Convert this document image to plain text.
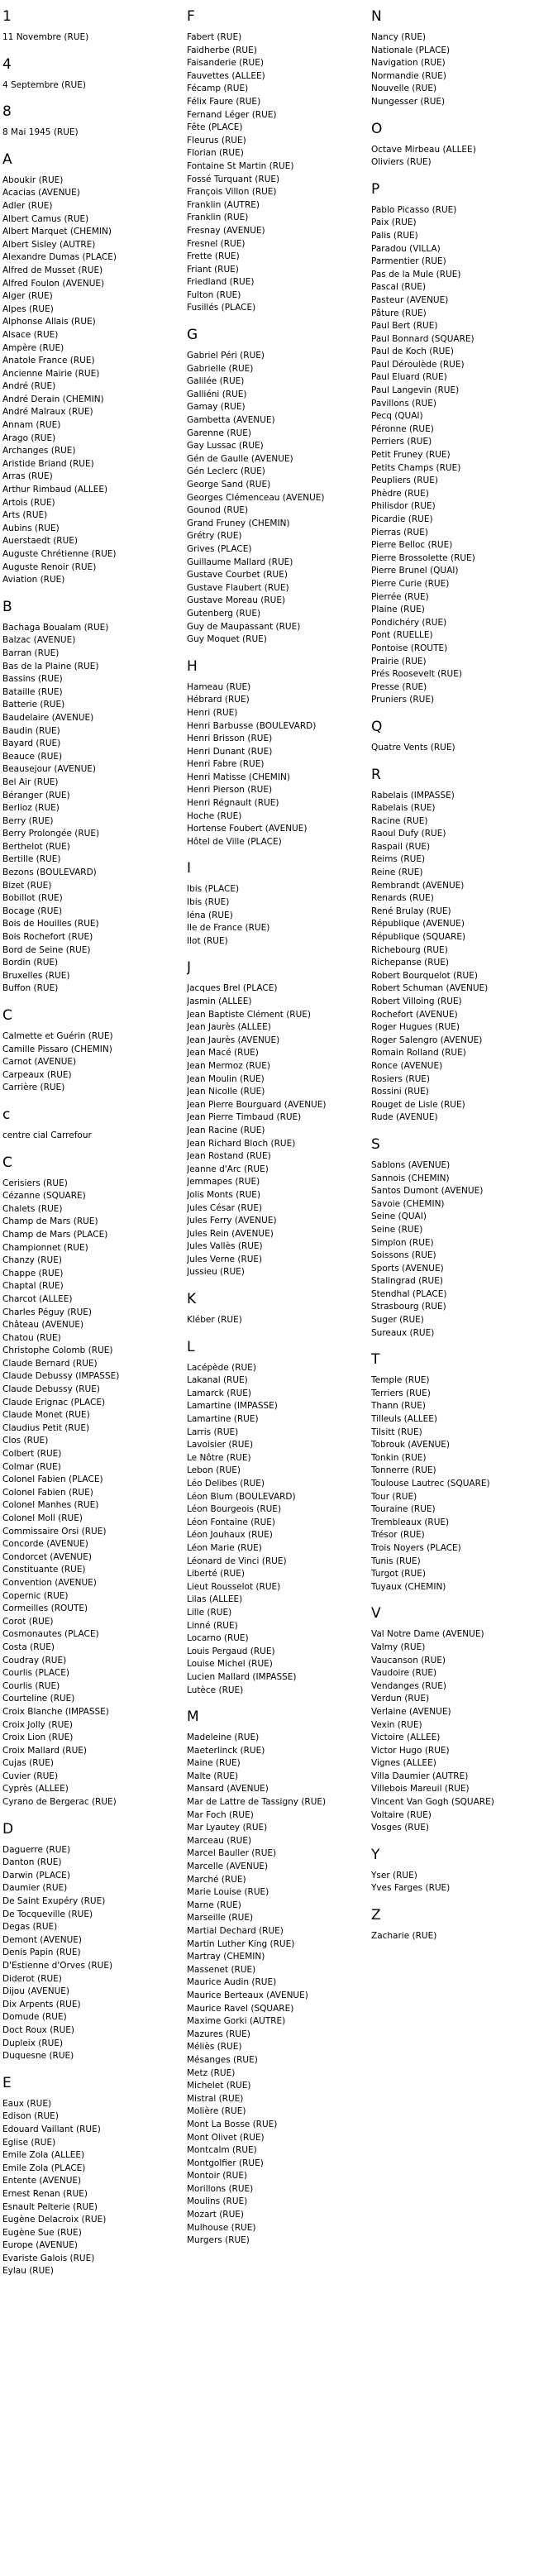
1
11 Novembre (RUE)
4
4 Septembre (RUE)
8
8 Mai 1945 (RUE)
A
Aboukir (RUE)
Acacias (AVENUE)
Adler (RUE)
Albert Camus (RUE)
Albert Marquet (CHEMIN)
Albert Sisley (AUTRE)
Alexandre Dumas (PLACE)
Alfred de Musset (RUE)
Alfred Foulon (AVENUE)
Alger (RUE)
Alpes (RUE)
Alphonse Allais (RUE)
Alsace (RUE)
Ampère (RUE)
Anatole France (RUE)
Ancienne Mairie (RUE)
André (RUE)
André Derain (CHEMIN)
André Malraux (RUE)
Annam (RUE)
Arago (RUE)
Archanges (RUE)
Aristide Briand (RUE)
Arras (RUE)
Arthur Rimbaud (ALLEE)
Artois (RUE)
Arts (RUE)
Aubins (RUE)
Auerstaedt (RUE)
Auguste Chrétienne (RUE)
Auguste Renoir (RUE)
Aviation (RUE)
B
Bachaga Boualam (RUE)
Balzac (AVENUE)
Barran (RUE)
Bas de la Plaine (RUE)
Bassins (RUE)
Bataille (RUE)
Batterie (RUE)
Baudelaire (AVENUE)
Baudin (RUE)
Bayard (RUE)
Beauce (RUE)
Beausejour (AVENUE)
Bel Air (RUE)
Béranger (RUE)
Berlioz (RUE)
Berry (RUE)
Berry Prolongée (RUE)
Berthelot (RUE)
Bertille (RUE)
Bezons (BOULEVARD)
Bizet (RUE)
Bobillot (RUE)
Bocage (RUE)
Bois de Houilles (RUE)
Bois Rochefort (RUE)
Bord de Seine (RUE)
Bordin (RUE)
Bruxelles (RUE)
Buffon (RUE)
C
Calmette et Guérin (RUE)
Camille Pissaro (CHEMIN)
Carnot (AVENUE)
Carpeaux (RUE)
Carrière (RUE)
c
centre cial Carrefour
C
Cerisiers (RUE)
Cézanne (SQUARE)
Chalets (RUE)
Champ de Mars (RUE)
Champ de Mars (PLACE)
Championnet (RUE)
Chanzy (RUE)
Chappe (RUE)
Chaptal (RUE)
Charcot (ALLEE)
Charles Péguy (RUE)
Château (AVENUE)
Chatou (RUE)
Christophe Colomb (RUE)
Claude Bernard (RUE)
Claude Debussy (IMPASSE)
Claude Debussy (RUE)
Claude Erignac (PLACE)
Claude Monet (RUE)
Claudius Petit (RUE)
Clos (RUE)
Colbert (RUE)
Colmar (RUE)
Colonel Fabien (PLACE)
Colonel Fabien (RUE)
Colonel Manhes (RUE)
Colonel Moll (RUE)
Commissaire Orsi (RUE)
Concorde (AVENUE)
Condorcet (AVENUE)
Constituante (RUE)
Convention (AVENUE)
Copernic (RUE)
Cormeilles (ROUTE)
Corot (RUE)
Cosmonautes (PLACE)
Costa (RUE)
Coudray (RUE)
Courlis (PLACE)
Courlis (RUE)
Courteline (RUE)
Croix Blanche (IMPASSE)
Croix Jolly (RUE)
Croix Lion (RUE)
Croix Mallard (RUE)
Cujas (RUE)
Cuvier (RUE)
Cyprès (ALLEE)
Cyrano de Bergerac (RUE)
D
Daguerre (RUE)
Danton (RUE)
Darwin (PLACE)
Daumier (RUE)
De Saint Exupéry (RUE)
De Tocqueville (RUE)
Degas (RUE)
Demont (AVENUE)
Denis Papin (RUE)
D'Estienne d'Orves (RUE)
Diderot (RUE)
Dijou (AVENUE)
Dix Arpents (RUE)
Domude (RUE)
Doct Roux (RUE)
Dupleix (RUE)
Duquesne (RUE)
E
Eaux (RUE)
Edison (RUE)
Edouard Vaillant (RUE)
Eglise (RUE)
Emile Zola (ALLEE)
Emile Zola (PLACE)
Entente (AVENUE)
Ernest Renan (RUE)
Esnault Pelterie (RUE)
Eugène Delacroix (RUE)
Eugène Sue (RUE)
Europe (AVENUE)
Evariste Galois (RUE)
Eylau (RUE)
F
Fabert (RUE)
Faidherbe (RUE)
Faisanderie (RUE)
Fauvettes (ALLEE)
Fécamp (RUE)
Félix Faure (RUE)
Fernand Léger (RUE)
Fête (PLACE)
Fleurus (RUE)
Florian (RUE)
Fontaine St Martin (RUE)
Fossé Turquant (RUE)
François Villon (RUE)
Franklin (AUTRE)
Franklin (RUE)
Fresnay (AVENUE)
Fresnel (RUE)
Frette (RUE)
Friant (RUE)
Friedland (RUE)
Fulton (RUE)
Fusillés (PLACE)
G
Gabriel Péri (RUE)
Gabrielle (RUE)
Galilée (RUE)
Galliéni (RUE)
Gamay (RUE)
Gambetta (AVENUE)
Garenne (RUE)
Gay Lussac (RUE)
Gén de Gaulle (AVENUE)
Gén Leclerc (RUE)
George Sand (RUE)
Georges Clémenceau (AVENUE)
Gounod (RUE)
Grand Fruney (CHEMIN)
Grétry (RUE)
Grives (PLACE)
Guillaume Mallard (RUE)
Gustave Courbet (RUE)
Gustave Flaubert (RUE)
Gustave Moreau (RUE)
Gutenberg (RUE)
Guy de Maupassant (RUE)
Guy Moquet (RUE)
H
Hameau (RUE)
Hébrard (RUE)
Henri (RUE)
Henri Barbusse (BOULEVARD)
Henri Brisson (RUE)
Henri Dunant (RUE)
Henri Fabre (RUE)
Henri Matisse (CHEMIN)
Henri Pierson (RUE)
Henri Régnault (RUE)
Hoche (RUE)
Hortense Foubert (AVENUE)
Hôtel de Ville (PLACE)
I
Ibis (PLACE)
Ibis (RUE)
Iéna (RUE)
Ile de France (RUE)
Ilot (RUE)
J
Jacques Brel (PLACE)
Jasmin (ALLEE)
Jean Baptiste Clément (RUE)
Jean Jaurès (ALLEE)
Jean Jaurès (AVENUE)
Jean Macé (RUE)
Jean Mermoz (RUE)
Jean Moulin (RUE)
Jean Nicolle (RUE)
Jean Pierre Bourguard (AVENUE)
Jean Pierre Timbaud (RUE)
Jean Racine (RUE)
Jean Richard Bloch (RUE)
Jean Rostand (RUE)
Jeanne d'Arc (RUE)
Jemmapes (RUE)
Jolis Monts (RUE)
Jules César (RUE)
Jules Ferry (AVENUE)
Jules Rein (AVENUE)
Jules Vallès (RUE)
Jules Verne (RUE)
Jussieu (RUE)
K
Kléber (RUE)
L
Lacépède (RUE)
Lakanal (RUE)
Lamarck (RUE)
Lamartine (IMPASSE)
Lamartine (RUE)
Larris (RUE)
Lavoisier (RUE)
Le Nôtre (RUE)
Lebon (RUE)
Léo Delibes (RUE)
Léon Blum (BOULEVARD)
Léon Bourgeois (RUE)
Léon Fontaine (RUE)
Léon Jouhaux (RUE)
Léon Marie (RUE)
Léonard de Vinci (RUE)
Liberté (RUE)
Lieut Rousselot (RUE)
Lilas (ALLEE)
Lille (RUE)
Linné (RUE)
Locarno (RUE)
Louis Pergaud (RUE)
Louise Michel (RUE)
Lucien Mallard (IMPASSE)
Lutèce (RUE)
M
Madeleine (RUE)
Maeterlinck (RUE)
Maine (RUE)
Malte (RUE)
Mansard (AVENUE)
Mar de Lattre de Tassigny (RUE)
Mar Foch (RUE)
Mar Lyautey (RUE)
Marceau (RUE)
Marcel Bauller (RUE)
Marcelle (AVENUE)
Marché (RUE)
Marie Louise (RUE)
Marne (RUE)
Marseille (RUE)
Martial Dechard (RUE)
Martin Luther King (RUE)
Martray (CHEMIN)
Massenet (RUE)
Maurice Audin (RUE)
Maurice Berteaux (AVENUE)
Maurice Ravel (SQUARE)
Maxime Gorki (AUTRE)
Mazures (RUE)
Méliès (RUE)
Mésanges (RUE)
Metz (RUE)
Michelet (RUE)
Mistral (RUE)
Molière (RUE)
Mont La Bosse (RUE)
Mont Olivet (RUE)
Montcalm (RUE)
Montgolfier (RUE)
Montoir (RUE)
Morillons (RUE)
Moulins (RUE)
Mozart (RUE)
Mulhouse (RUE)
Murgers (RUE)
N
Nancy (RUE)
Nationale (PLACE)
Navigation (RUE)
Normandie (RUE)
Nouvelle (RUE)
Nungesser (RUE)
O
Octave Mirbeau (ALLEE)
Oliviers (RUE)
P
Pablo Picasso (RUE)
Paix (RUE)
Palis (RUE)
Paradou (VILLA)
Parmentier (RUE)
Pas de la Mule (RUE)
Pascal (RUE)
Pasteur (AVENUE)
Pâture (RUE)
Paul Bert (RUE)
Paul Bonnard (SQUARE)
Paul de Koch (RUE)
Paul Déroulède (RUE)
Paul Eluard (RUE)
Paul Langevin (RUE)
Pavillons (RUE)
Pecq (QUAI)
Péronne (RUE)
Perriers (RUE)
Petit Fruney (RUE)
Petits Champs (RUE)
Peupliers (RUE)
Phèdre (RUE)
Philisdor (RUE)
Picardie (RUE)
Pierras (RUE)
Pierre Belloc (RUE)
Pierre Brossolette (RUE)
Pierre Brunel (QUAI)
Pierre Curie (RUE)
Pierrée (RUE)
Plaine (RUE)
Pondichéry (RUE)
Pont (RUELLE)
Pontoise (ROUTE)
Prairie (RUE)
Prés Roosevelt (RUE)
Presse (RUE)
Pruniers (RUE)
Q
Quatre Vents (RUE)
R
Rabelais (IMPASSE)
Rabelais (RUE)
Racine (RUE)
Raoul Dufy (RUE)
Raspail (RUE)
Reims (RUE)
Reine (RUE)
Rembrandt (AVENUE)
Renards (RUE)
René Brulay (RUE)
République (AVENUE)
République (SQUARE)
Richebourg (RUE)
Richepanse (RUE)
Robert Bourquelot (RUE)
Robert Schuman (AVENUE)
Robert Villoing (RUE)
Rochefort (AVENUE)
Roger Hugues (RUE)
Roger Salengro (AVENUE)
Romain Rolland (RUE)
Ronce (AVENUE)
Rosiers (RUE)
Rossini (RUE)
Rouget de Lisle (RUE)
Rude (AVENUE)
S
Sablons (AVENUE)
Sannois (CHEMIN)
Santos Dumont (AVENUE)
Savoie (CHEMIN)
Seine (QUAI)
Seine (RUE)
Simplon (RUE)
Soissons (RUE)
Sports (AVENUE)
Stalingrad (RUE)
Stendhal (PLACE)
Strasbourg (RUE)
Suger (RUE)
Sureaux (RUE)
T
Temple (RUE)
Terriers (RUE)
Thann (RUE)
Tilleuls (ALLEE)
Tilsitt (RUE)
Tobrouk (AVENUE)
Tonkin (RUE)
Tonnerre (RUE)
Toulouse Lautrec (SQUARE)
Tour (RUE)
Touraine (RUE)
Trembleaux (RUE)
Trésor (RUE)
Trois Noyers (PLACE)
Tunis (RUE)
Turgot (RUE)
Tuyaux (CHEMIN)
V
Val Notre Dame (AVENUE)
Valmy (RUE)
Vaucanson (RUE)
Vaudoire (RUE)
Vendanges (RUE)
Verdun (RUE)
Verlaine (AVENUE)
Vexin (RUE)
Victoire (ALLEE)
Victor Hugo (RUE)
Vignes (ALLEE)
Villa Daumier (AUTRE)
Villebois Mareuil (RUE)
Vincent Van Gogh (SQUARE)
Voltaire (RUE)
Vosges (RUE)
Y
Yser (RUE)
Yves Farges (RUE)
Z
Zacharie (RUE)
